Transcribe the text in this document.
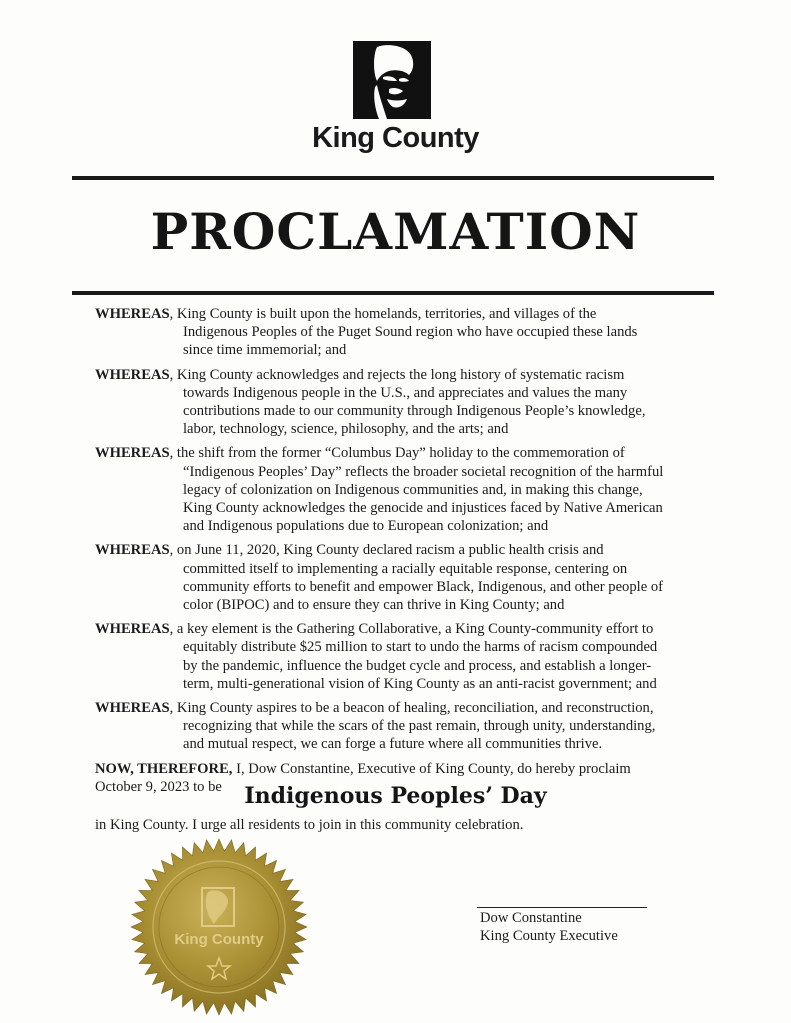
King County
PROCLAMATION
WHEREAS, King County is built upon the homelands, territories, and villages of the
Indigenous Peoples of the Puget Sound region who have occupied these lands
since time immemorial; and
WHEREAS, King County acknowledges and rejects the long history of systematic racism
towards Indigenous people in the U.S., and appreciates and values the many
contributions made to our community through Indigenous People’s knowledge,
labor, technology, science, philosophy, and the arts; and
WHEREAS, the shift from the former “Columbus Day” holiday to the commemoration of
“Indigenous Peoples’ Day” reflects the broader societal recognition of the harmful
legacy of colonization on Indigenous communities and, in making this change,
King County acknowledges the genocide and injustices faced by Native American
and Indigenous populations due to European colonization; and
WHEREAS, on June 11, 2020, King County declared racism a public health crisis and
committed itself to implementing a racially equitable response, centering on
community efforts to benefit and empower Black, Indigenous, and other people of
color (BIPOC) and to ensure they can thrive in King County; and
WHEREAS, a key element is the Gathering Collaborative, a King County-community effort to
equitably distribute $25 million to start to undo the harms of racism compounded
by the pandemic, influence the budget cycle and process, and establish a longer-
term, multi-generational vision of King County as an anti-racist government; and
WHEREAS, King County aspires to be a beacon of healing, reconciliation, and reconstruction,
recognizing that while the scars of the past remain, through unity, understanding,
and mutual respect, we can forge a future where all communities thrive.
NOW, THEREFORE, I, Dow Constantine, Executive of King County, do hereby proclaim
October 9, 2023 to be	Indigenous Peoples’ Day
in King County. I urge all residents to join in this community celebration.
King County
Dow Constantine
King County Executive
